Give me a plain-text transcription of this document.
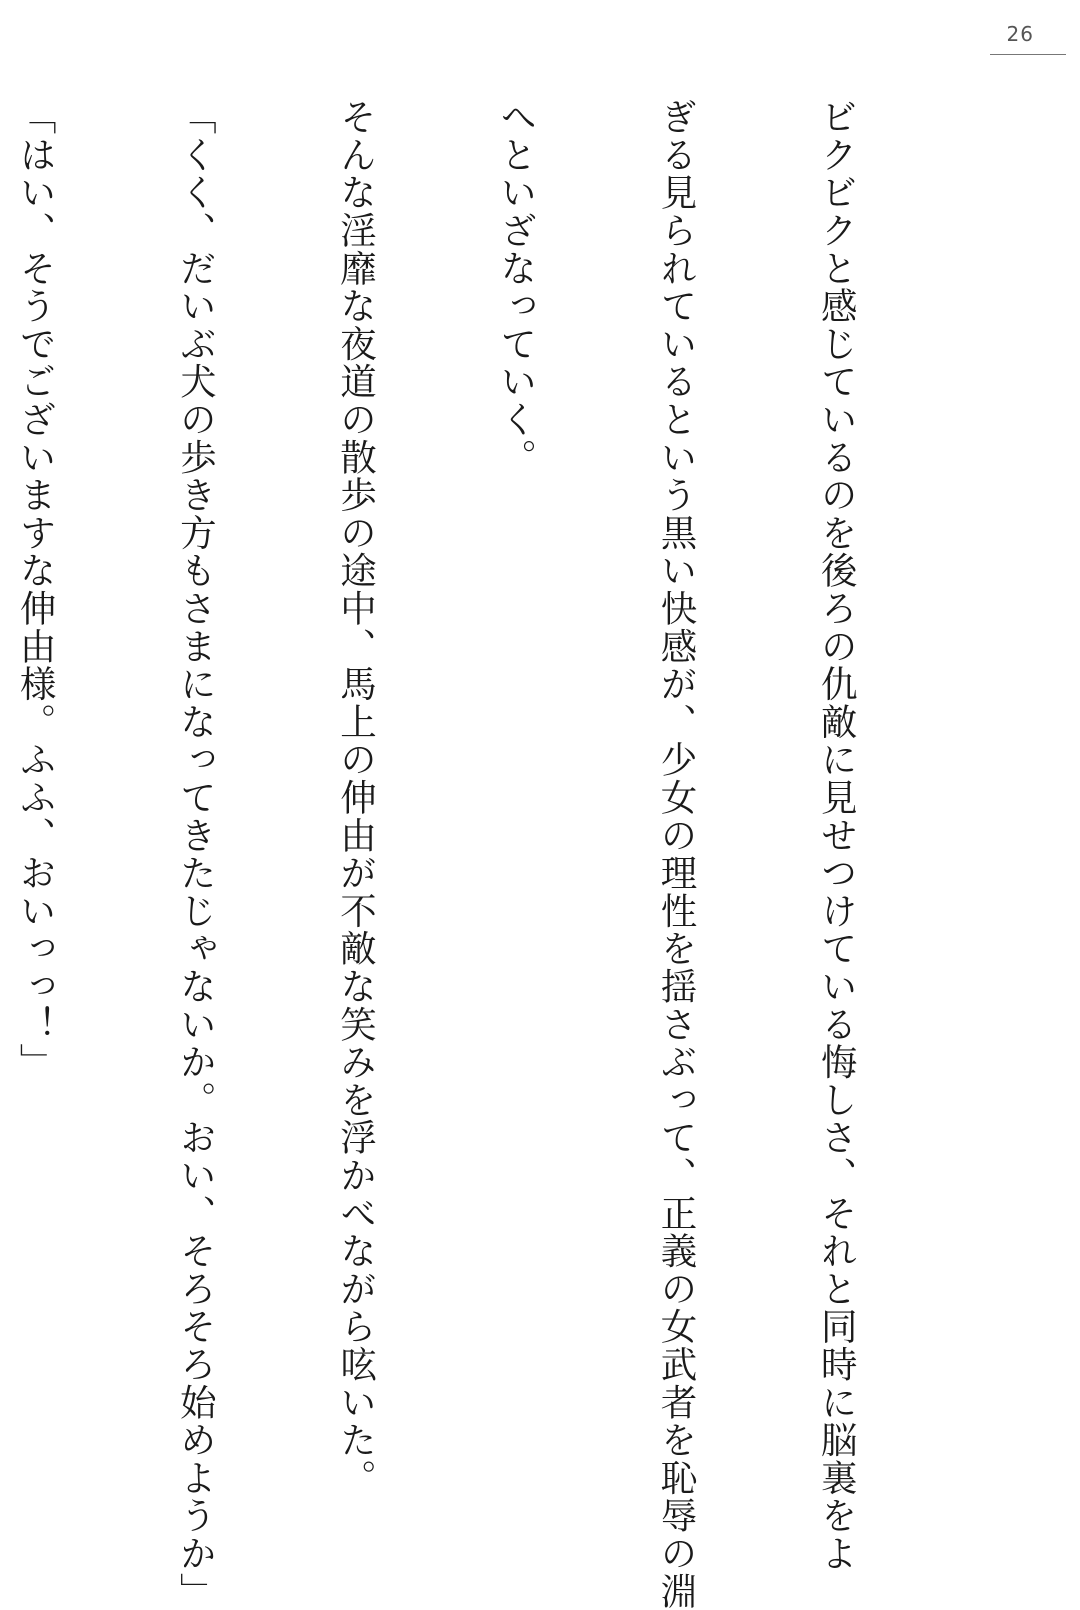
26

ビクビクと感じているのを後ろの仇敵に見せつけている悔しさ、それと同時に脳裏をよ

ぎる見られているという黒い快感が、少女の理性を揺さぶって、正義の女武者を恥辱の淵

へといざなっていく。

そんな淫靡な夜道の散歩の途中、馬上の伸由が不敵な笑みを浮かべながら呟いた。

「くく、だいぶ犬の歩き方もさまになってきたじゃないか。おい、そろそろ始めようか」

「はい、そうでございますな伸由様。ふふ、おいっっ！」
